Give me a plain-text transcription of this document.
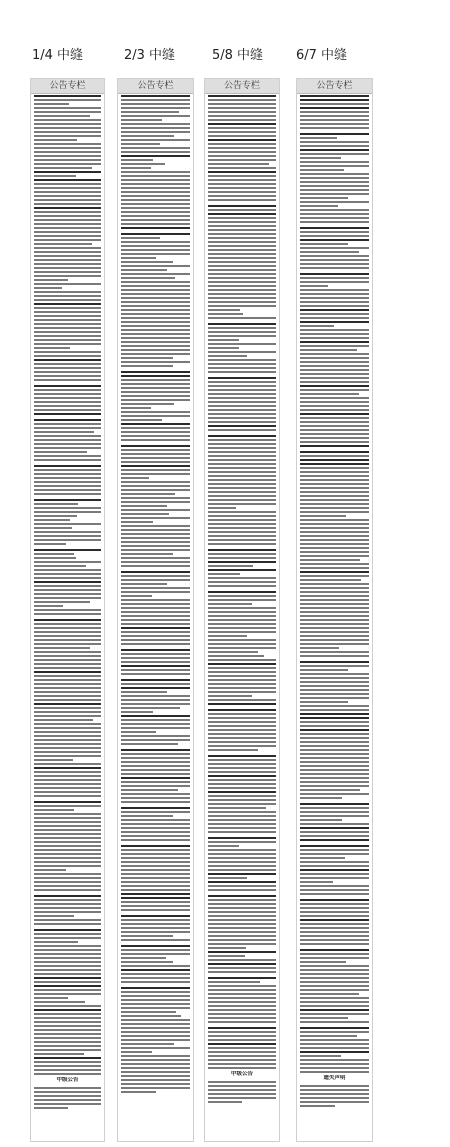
1/4 中缝	2/3 中缝	5/8 中缝	6/7 中缝
公告专栏
中级公告
公告专栏	公告专栏
中级公告
公告专栏
遗失声明
